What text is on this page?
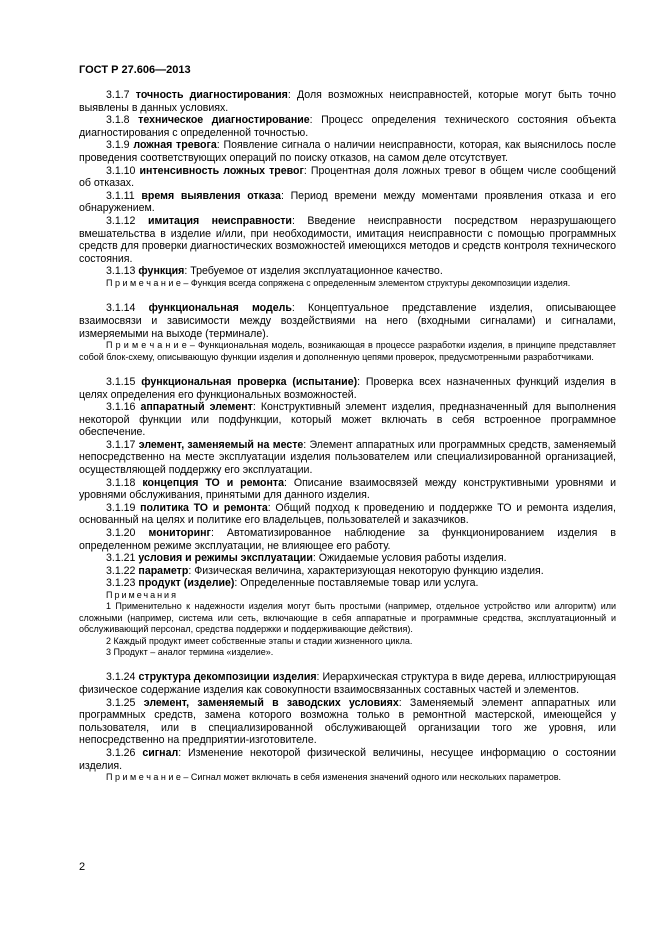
ГОСТ Р 27.606—2013

3.1.7 точность диагностирования: Доля возможных неисправностей, которые могут быть точно выявлены в данных условиях.

3.1.8 техническое диагностирование: Процесс определения технического состояния объекта диагностирования с определенной точностью.

3.1.9 ложная тревога: Появление сигнала о наличии неисправности, которая, как выяснилось после проведения соответствующих операций по поиску отказов, на самом деле отсутствует.

3.1.10 интенсивность ложных тревог: Процентная доля ложных тревог в общем числе сообщений об отказах.

3.1.11 время выявления отказа: Период времени между моментами проявления отказа и его обнаружением.

3.1.12 имитация неисправности: Введение неисправности посредством неразрушающего вмешательства в изделие и/или, при необходимости, имитация неисправности с помощью программных средств для проверки диагностических возможностей имеющихся методов и средств контроля технического состояния.

3.1.13 функция: Требуемое от изделия эксплуатационное качество.

П р и м е ч а н и е – Функция всегда сопряжена с определенным элементом структуры декомпозиции изделия.

3.1.14 функциональная модель: Концептуальное представление изделия, описывающее взаимосвязи и зависимости между воздействиями на него (входными сигналами) и сигналами, измеряемыми на выходе (терминале).

П р и м е ч а н и е – Функциональная модель, возникающая в процессе разработки изделия, в принципе представляет собой блок-схему, описывающую функции изделия и дополненную цепями проверок, предусмотренными разработчиками.

3.1.15 функциональная проверка (испытание): Проверка всех назначенных функций изделия в целях определения его функциональных возможностей.

3.1.16 аппаратный элемент: Конструктивный элемент изделия, предназначенный для выполнения некоторой функции или подфункции, который может включать в себя встроенное программное обеспечение.

3.1.17 элемент, заменяемый на месте: Элемент аппаратных или программных средств, заменяемый непосредственно на месте эксплуатации изделия пользователем или специализированной организацией, осуществляющей поддержку его эксплуатации.

3.1.18 концепция ТО и ремонта: Описание взаимосвязей между конструктивными уровнями и уровнями обслуживания, принятыми для данного изделия.

3.1.19 политика ТО и ремонта: Общий подход к проведению и поддержке ТО и ремонта изделия, основанный на целях и политике его владельцев, пользователей и заказчиков.

3.1.20 мониторинг: Автоматизированное наблюдение за функционированием изделия в определенном режиме эксплуатации, не влияющее его работу.

3.1.21 условия и режимы эксплуатации: Ожидаемые условия работы изделия.

3.1.22 параметр: Физическая величина, характеризующая некоторую функцию изделия.

3.1.23 продукт (изделие): Определенные поставляемые товар или услуга.

Примечания

1 Применительно к надежности изделия могут быть простыми (например, отдельное устройство или алгоритм) или сложными (например, система или сеть, включающие в себя аппаратные и программные средства, эксплуатационный и обслуживающий персонал, средства поддержки и поддерживающие действия).

2 Каждый продукт имеет собственные этапы и стадии жизненного цикла.

3 Продукт – аналог термина «изделие».

3.1.24 структура декомпозиции изделия: Иерархическая структура в виде дерева, иллюстрирующая физическое содержание изделия как совокупности взаимосвязанных составных частей и элементов.

3.1.25 элемент, заменяемый в заводских условиях: Заменяемый элемент аппаратных или программных средств, замена которого возможна только в ремонтной мастерской, имеющейся у пользователя, или в специализированной обслуживающей организации того же уровня, или непосредственно на предприятии-изготовителе.

3.1.26 сигнал: Изменение некоторой физической величины, несущее информацию о состоянии изделия.

П р и м е ч а н и е – Сигнал может включать в себя изменения значений одного или нескольких параметров.

2
